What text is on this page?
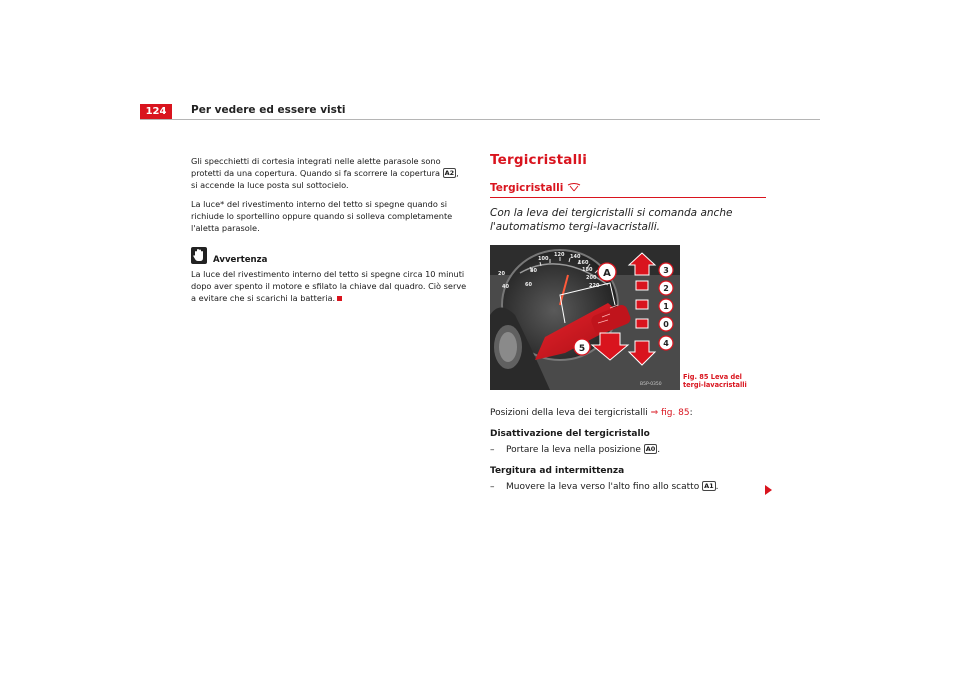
124	Per vedere ed essere visti

Gli specchietti di cortesia integrati nelle alette parasole sono protetti da una copertura. Quando si fa scorrere la copertura A2 , si accende la luce posta sul sottocielo.

La luce* del rivestimento interno del tetto si spegne quando si richiude lo sportellino oppure quando si solleva completamente l'aletta parasole.

Avvertenza

La luce del rivestimento interno del tetto si spegne circa 10 minuti dopo aver spento il motore e sfilato la chiave dal quadro. Ciò serve a evitare che si scarichi la batteria.

Tergicristalli
Tergicristalli
Con la leva dei tergicristalli si comanda anche l'automatismo tergi-lavacristalli.
20
40	60
80
100
120 140
160
180
200
220
A
5
3
2
1
0
4
B5P-0350
Fig. 85 Leva del tergi-lavacristalli

Posizioni della leva dei tergicristalli ⇒ fig. 85:

Disattivazione del tergicristallo

– Portare la leva nella posizione A0 .

Tergitura ad intermittenza

– Muovere la leva verso l'alto fino allo scatto A1 .
